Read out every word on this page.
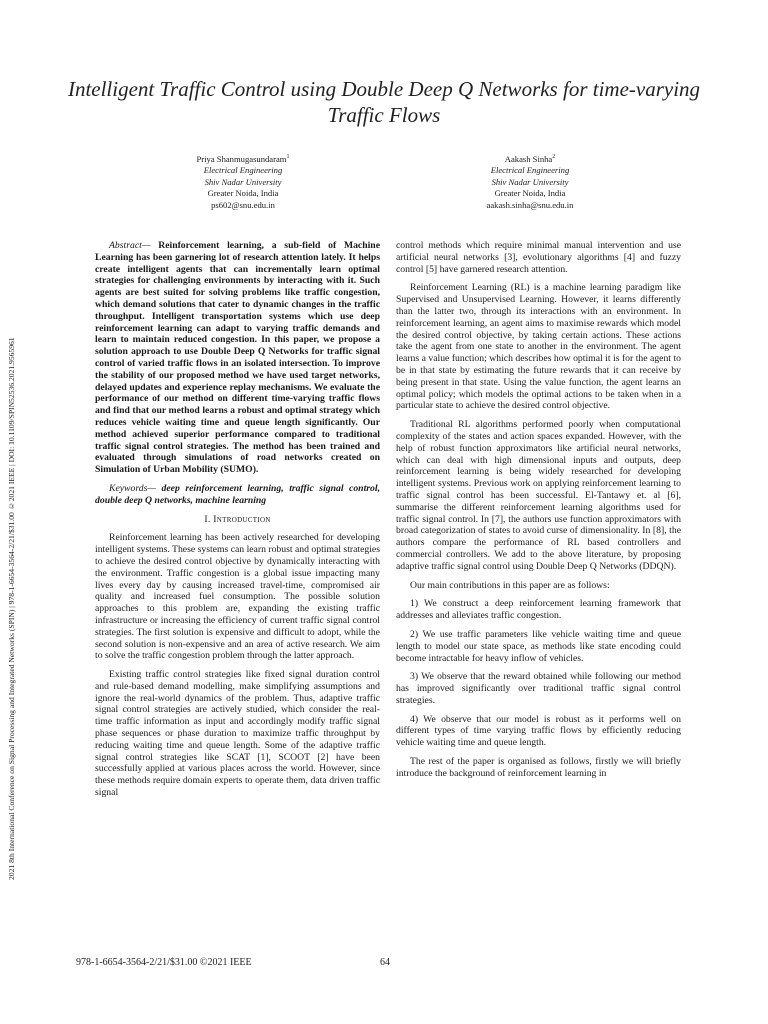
2021 8th International Conference on Signal Processing and Integrated Networks (SPIN) | 978-1-6654-3564-2/21/$31.00 ©2021 IEEE | DOI: 10.1109/SPIN52536.2021.9565961
Intelligent Traffic Control using Double Deep Q Networks for time-varying Traffic Flows
Priya Shanmugasundaram$^1$
Electrical Engineering
Shiv Nadar University
Greater Noida, India
ps602@snu.edu.in
Aakash Sinha$^2$
Electrical Engineering
Shiv Nadar University
Greater Noida, India
aakash.sinha@snu.edu.in

Abstract— Reinforcement learning, a sub-field of Machine Learning has been garnering lot of research attention lately. It helps create intelligent agents that can incrementally learn optimal strategies for challenging environments by interacting with it. Such agents are best suited for solving problems like traffic congestion, which demand solutions that cater to dynamic changes in the traffic throughput. Intelligent transportation systems which use deep reinforcement learning can adapt to varying traffic demands and learn to maintain reduced congestion. In this paper, we propose a solution approach to use Double Deep Q Networks for traffic signal control of varied traffic flows in an isolated intersection. To improve the stability of our proposed method we have used target networks, delayed updates and experience replay mechanisms. We evaluate the performance of our method on different time-varying traffic flows and find that our method learns a robust and optimal strategy which reduces vehicle waiting time and queue length significantly. Our method achieved superior performance compared to traditional traffic signal control strategies. The method has been trained and evaluated through simulations of road networks created on Simulation of Urban Mobility (SUMO).

Keywords— deep reinforcement learning, traffic signal control, double deep Q networks, machine learning

I. Introduction

Reinforcement learning has been actively researched for developing intelligent systems. These systems can learn robust and optimal strategies to achieve the desired control objective by dynamically interacting with the environment. Traffic congestion is a global issue impacting many lives every day by causing increased travel-time, compromised air quality and increased fuel consumption. The possible solution approaches to this problem are, expanding the existing traffic infrastructure or increasing the efficiency of current traffic signal control strategies. The first solution is expensive and difficult to adopt, while the second solution is non-expensive and an area of active research. We aim to solve the traffic congestion problem through the latter approach.

Existing traffic control strategies like fixed signal duration control and rule-based demand modelling, make simplifying assumptions and ignore the real-world dynamics of the problem. Thus, adaptive traffic signal control strategies are actively studied, which consider the real-time traffic information as input and accordingly modify traffic signal phase sequences or phase duration to maximize traffic throughput by reducing waiting time and queue length. Some of the adaptive traffic signal control strategies like SCAT [1], SCOOT [2] have been successfully applied at various places across the world. However, since these methods require domain experts to operate them, data driven traffic signal

control methods which require minimal manual intervention and use artificial neural networks [3], evolutionary algorithms [4] and fuzzy control [5] have garnered research attention.

Reinforcement Learning (RL) is a machine learning paradigm like Supervised and Unsupervised Learning. However, it learns differently than the latter two, through its interactions with an environment. In reinforcement learning, an agent aims to maximise rewards which model the desired control objective, by taking certain actions. These actions take the agent from one state to another in the environment. The agent learns a value function; which describes how optimal it is for the agent to be in that state by estimating the future rewards that it can receive by being present in that state. Using the value function, the agent learns an optimal policy; which models the optimal actions to be taken when in a particular state to achieve the desired control objective.

Traditional RL algorithms performed poorly when computational complexity of the states and action spaces expanded. However, with the help of robust function approximators like artificial neural networks, which can deal with high dimensional inputs and outputs, deep reinforcement learning is being widely researched for developing intelligent systems. Previous work on applying reinforcement learning to traffic signal control has been successful. El-Tantawy et. al [6], summarise the different reinforcement learning algorithms used for traffic signal control. In [7], the authors use function approximators with broad categorization of states to avoid curse of dimensionality. In [8], the authors compare the performance of RL based controllers and commercial controllers. We add to the above literature, by proposing adaptive traffic signal control using Double Deep Q Networks (DDQN).

Our main contributions in this paper are as follows:

1) We construct a deep reinforcement learning framework that addresses and alleviates traffic congestion.

2) We use traffic parameters like vehicle waiting time and queue length to model our state space, as methods like state encoding could become intractable for heavy inflow of vehicles.

3) We observe that the reward obtained while following our method has improved significantly over traditional traffic signal control strategies.

4) We observe that our model is robust as it performs well on different types of time varying traffic flows by efficiently reducing vehicle waiting time and queue length.

The rest of the paper is organised as follows, firstly we will briefly introduce the background of reinforcement learning in

978-1-6654-3564-2/21/$31.00 ©2021 IEEE	64
